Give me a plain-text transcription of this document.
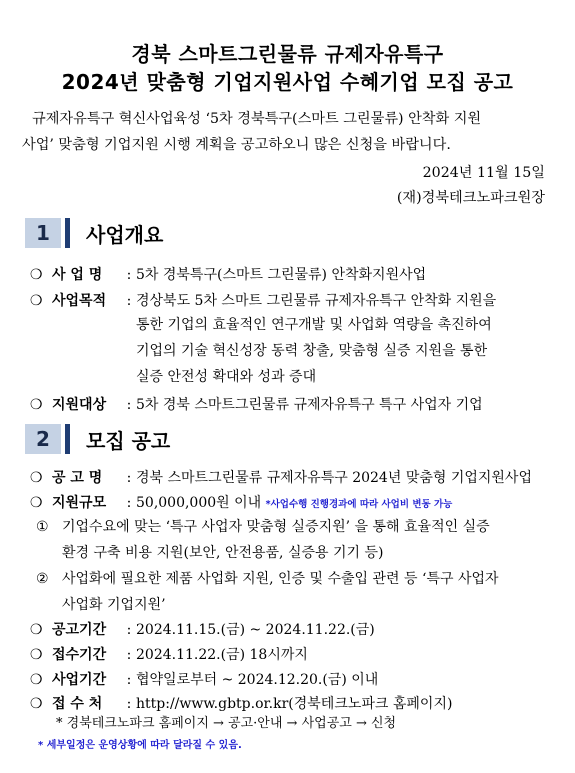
경북 스마트그린물류 규제자유특구
2024년 맞춤형 기업지원사업 수혜기업 모집 공고
규제자유특구 혁신사업육성 ‘5차 경북특구(스마트 그린물류) 안착화 지원
사업’ 맞춤형 기업지원 시행 계획을 공고하오니 많은 신청을 바랍니다.
2024년 11월 15일
(재)경북테크노파크원장
1	사업개요
❍ 사 업 명 : 5차 경북특구(스마트 그린물류) 안착화지원사업
❍ 사업목적 : 경상북도 5차 스마트 그린물류 규제자유특구 안착화 지원을
통한 기업의 효율적인 연구개발 및 사업화 역량을 촉진하여
기업의 기술 혁신성장 동력 창출, 맞춤형 실증 지원을 통한
실증 안전성 확대와 성과 증대
❍ 지원대상 : 5차 경북 스마트그린물류 규제자유특구 특구 사업자 기업
2	모집 공고
❍ 공 고 명 : 경북 스마트그린물류 규제자유특구 2024년 맞춤형 기업지원사업
❍ 지원규모 : 50,000,000원 이내 *사업수행 진행경과에 따라 사업비 변동 가능
① 기업수요에 맞는 ‘특구 사업자 맞춤형 실증지원’ 을 통해 효율적인 실증
환경 구축 비용 지원(보안, 안전용품, 실증용 기기 등)
② 사업화에 필요한 제품 사업화 지원, 인증 및 수출입 관련 등 ‘특구 사업자
사업화 기업지원’
❍ 공고기간 : 2024.11.15.(금) ~ 2024.11.22.(금)
❍ 접수기간 : 2024.11.22.(금) 18시까지
❍ 사업기간 : 협약일로부터 ~ 2024.12.20.(금) 이내
❍ 접 수 처 : http://www.gbtp.or.kr(경북테크노파크 홈페이지)
* 경북테크노파크 홈페이지 → 공고·안내 → 사업공고 → 신청
* 세부일정은 운영상황에 따라 달라질 수 있음.
